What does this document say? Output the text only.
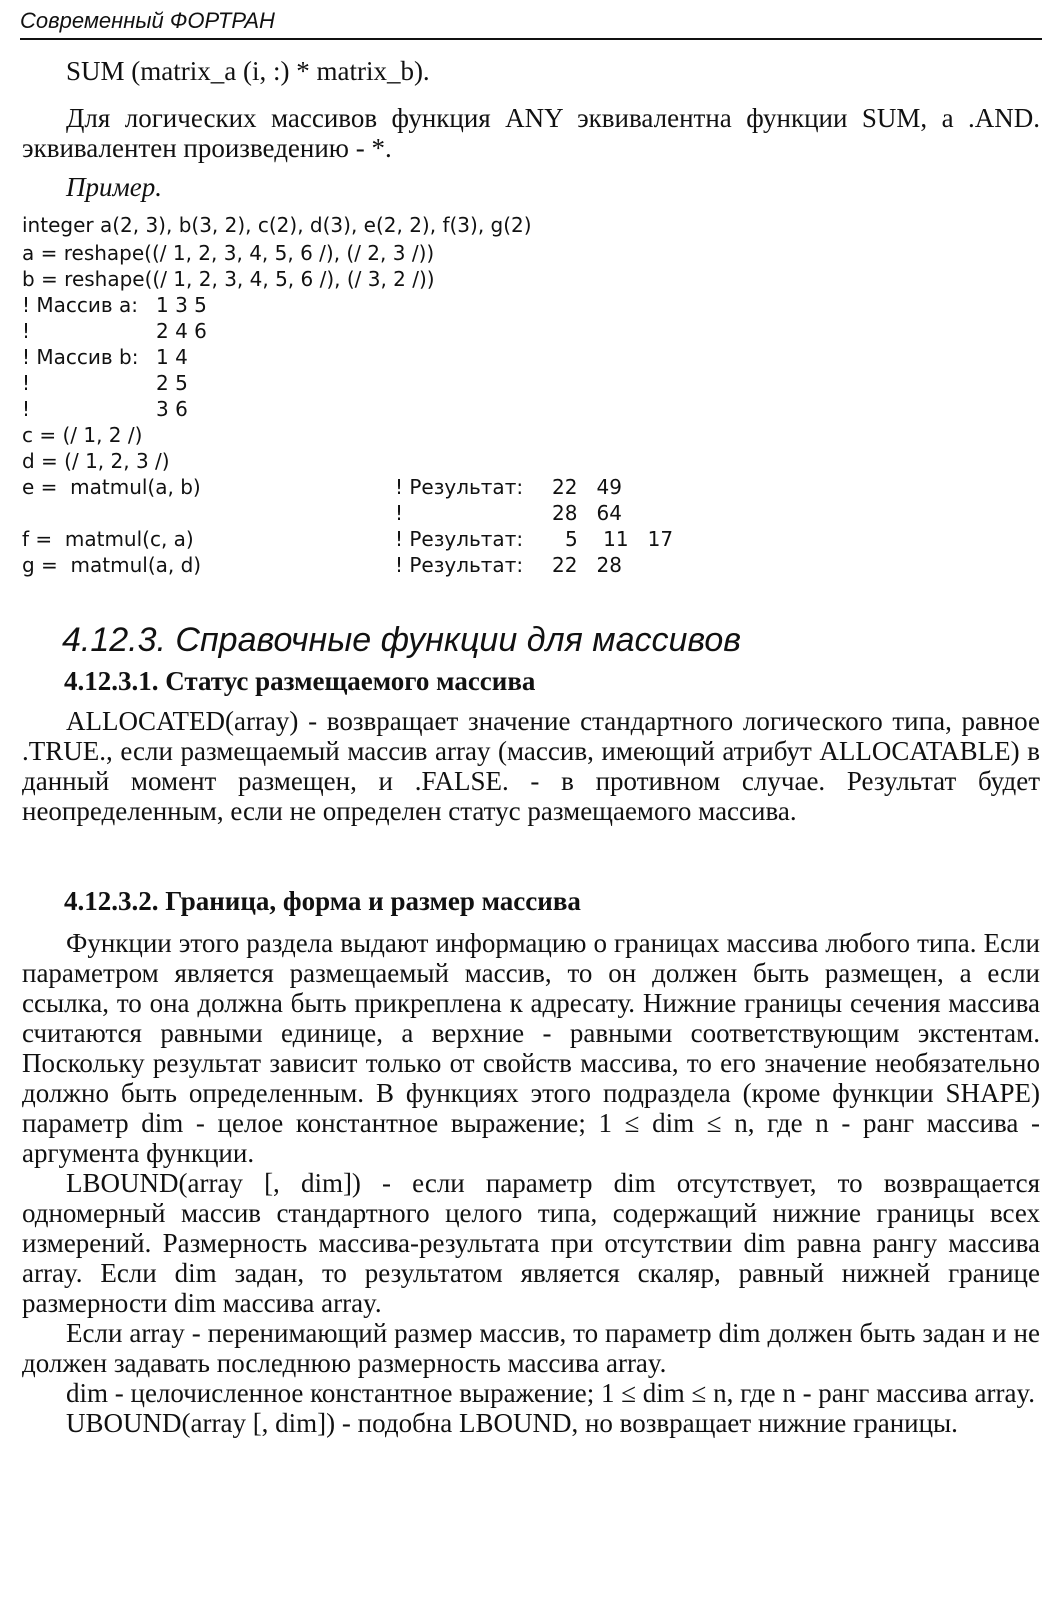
Современный ФОРТРАН

SUM (matrix_a (i, :) * matrix_b).

Для логических массивов функция ANY эквивалентна функции SUM, а .AND. эквивалентен произведению - *.

Пример.

integer a(2, 3), b(3, 2), c(2), d(3), e(2, 2), f(3), g(2)
a = reshape((/ 1, 2, 3, 4, 5, 6 /), (/ 2, 3 /))
b = reshape((/ 1, 2, 3, 4, 5, 6 /), (/ 3, 2 /))
! Массив a: 1 3 5
!	2 4 6
! Массив b: 1 4
!	2 5
!	3 6
c = (/ 1, 2 /)
d = (/ 1, 2, 3 /)
e =  matmul(a, b)	! Результат: 22   49
!	28   64
f =  matmul(c, a)	! Результат: 5    11   17
g =  matmul(a, d)	! Результат: 22   28
4.12.3. Справочные функции для массивов
4.12.3.1. Статус размещаемого массива

ALLOCATED(array) - возвращает значение стандартного логического типа, равное .TRUE., если размещаемый массив array (массив, имеющий атрибут ALLOCATABLE) в данный момент размещен, и .FALSE. - в противном случае. Результат будет неопределенным, если не определен статус размещаемого массива.

4.12.3.2. Граница, форма и размер массива

Функции этого раздела выдают информацию о границах массива любого типа. Если параметром является размещаемый массив, то он должен быть размещен, а если ссылка, то она должна быть прикреплена к адресату. Нижние границы сечения массива считаются равными единице, а верхние - равными соответствующим экстентам. Поскольку результат зависит только от свойств массива, то его значение необязательно должно быть определенным. В функциях этого подраздела (кроме функции SHAPE) параметр dim - целое константное выражение; 1 ≤ dim ≤ n, где n - ранг массива - аргумента функции.

LBOUND(array [, dim]) - если параметр dim отсутствует, то возвращается одномерный массив стандартного целого типа, содержащий нижние границы всех измерений. Размерность массива-результата при отсутствии dim равна рангу массива array. Если dim задан, то результатом является скаляр, равный нижней границе размерности dim массива array.

Если array - перенимающий размер массив, то параметр dim должен быть задан и не должен задавать последнюю размерность массива array.

dim - целочисленное константное выражение; 1 ≤ dim ≤ n, где n - ранг массива array.

UBOUND(array [, dim]) - подобна LBOUND, но возвращает нижние границы.
